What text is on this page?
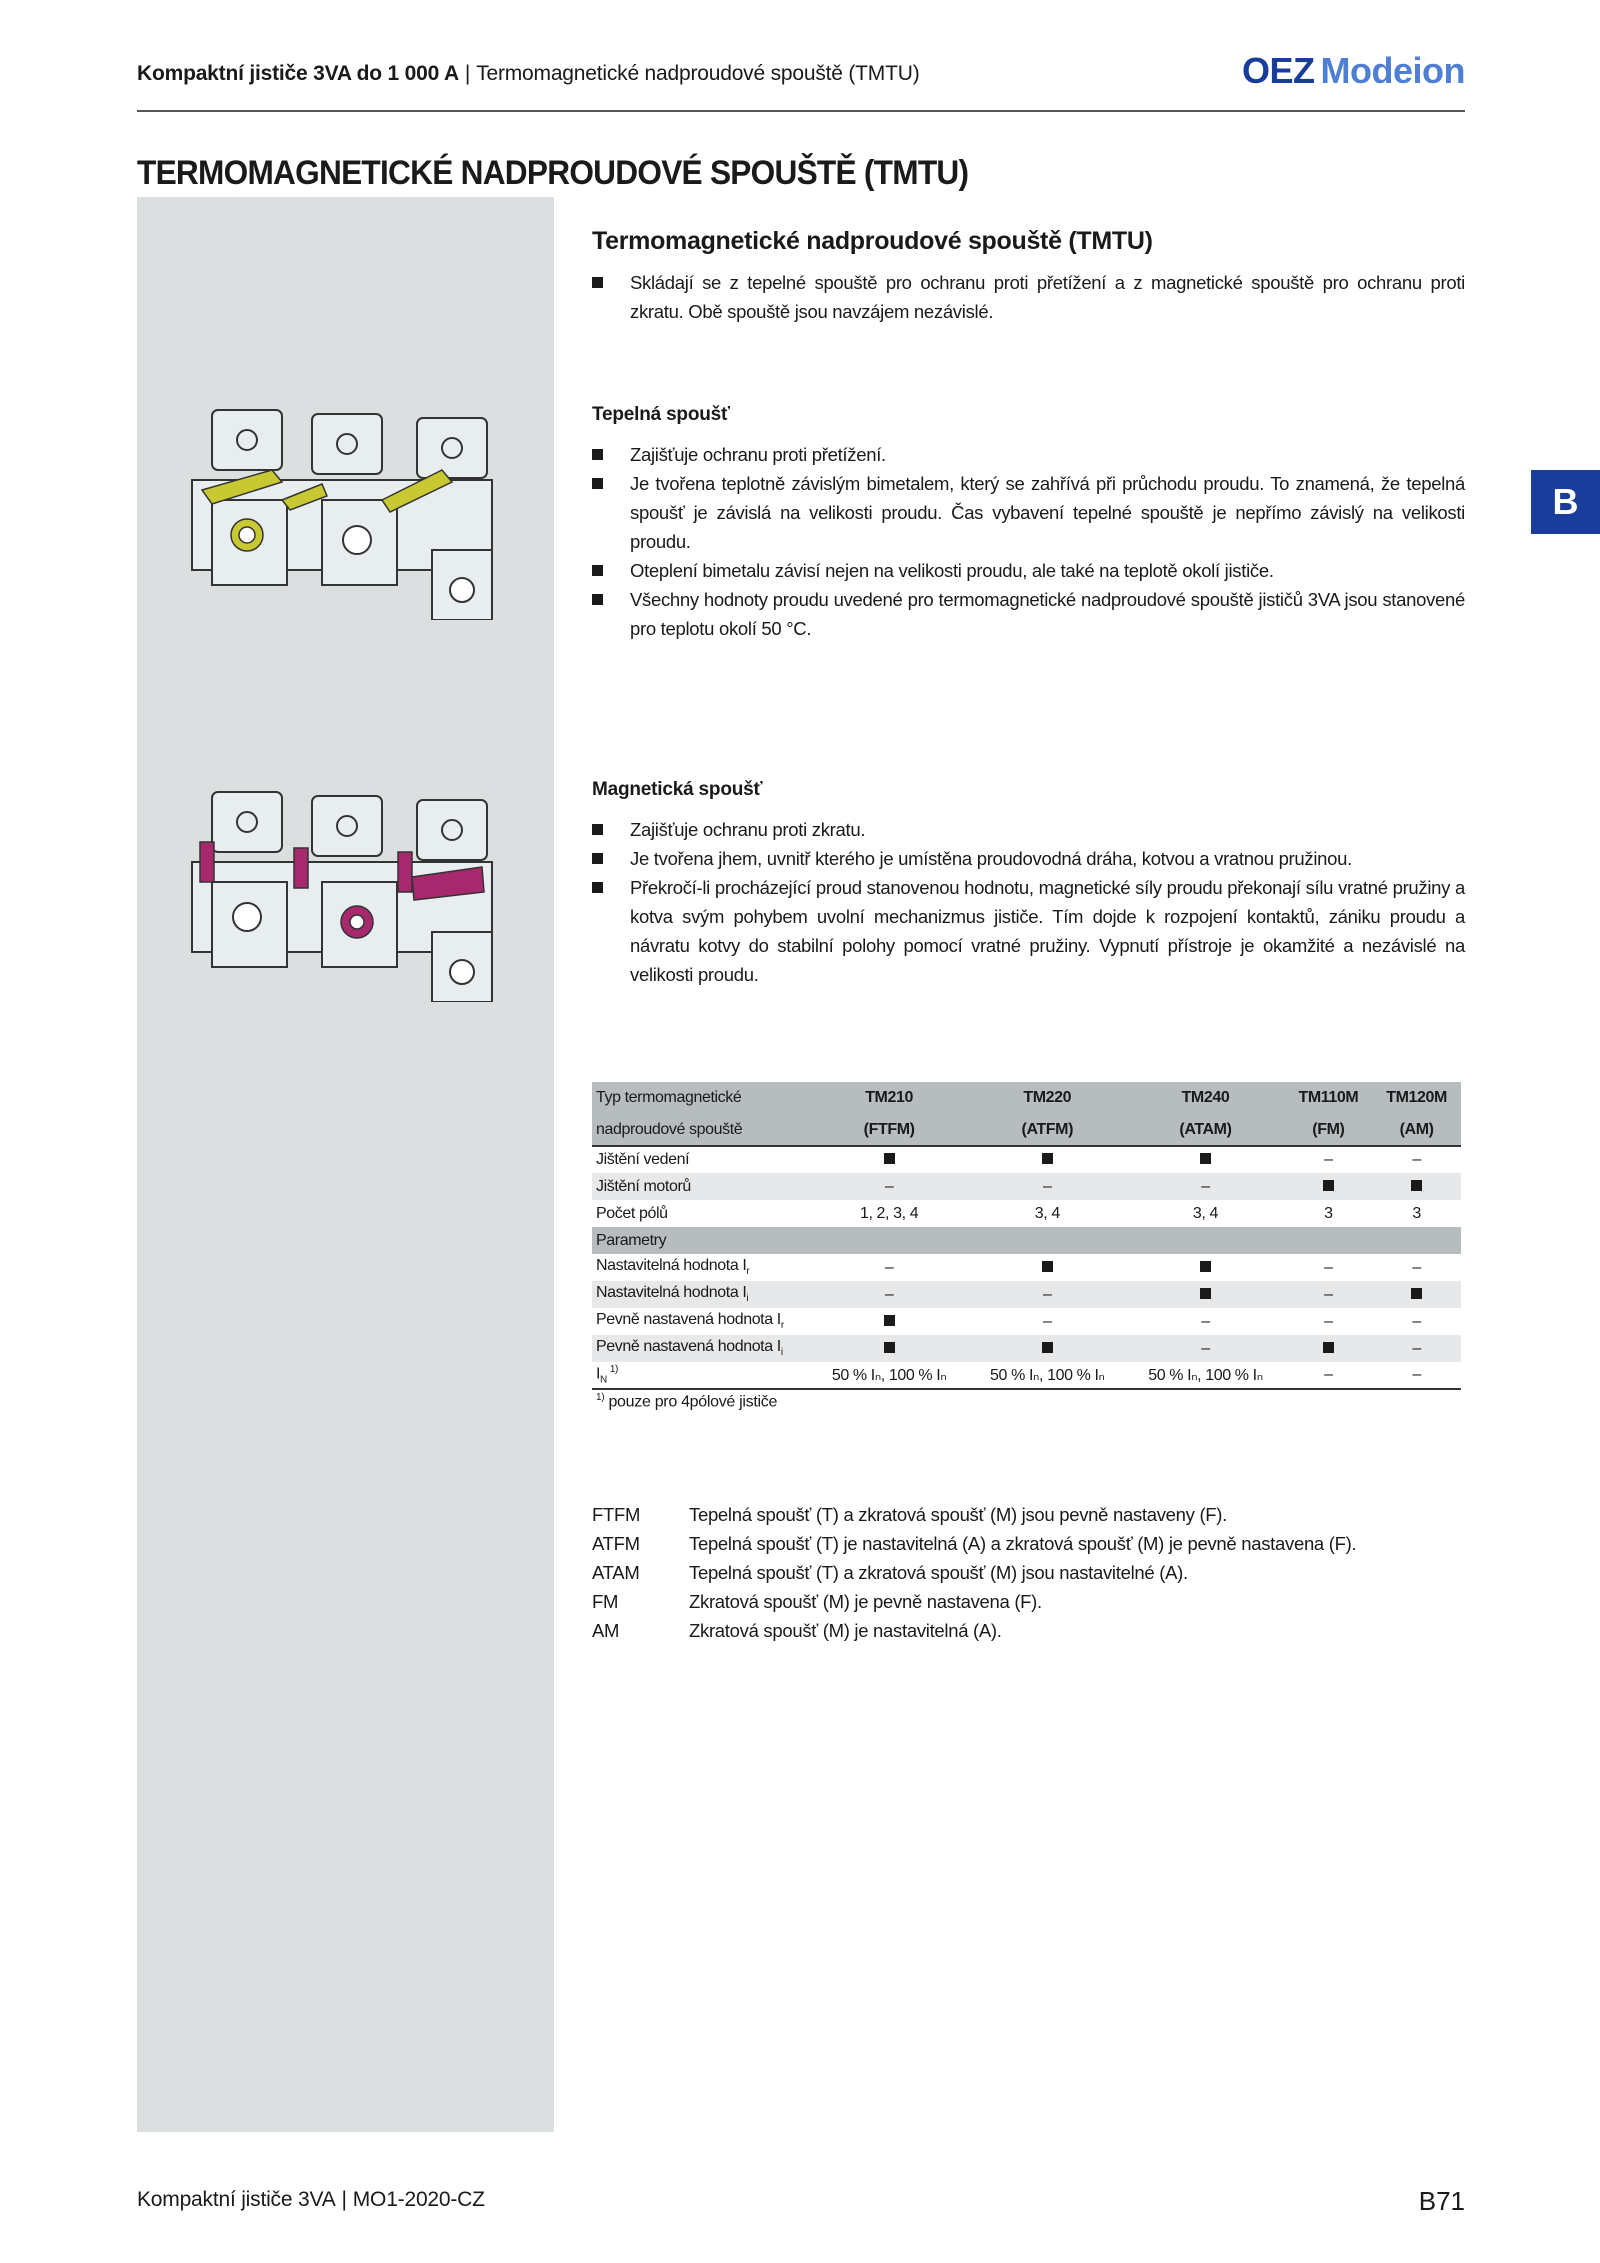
Kompaktní jističe 3VA do 1 000 A | Termomagnetické nadproudové spouště (TMTU)	OEZ Modeion
TERMOMAGNETICKÉ NADPROUDOVÉ SPOUŠTĚ (TMTU)
B
Termomagnetické nadproudové spouště (TMTU)
Skládají se z tepelné spouště pro ochranu proti přetížení a z magnetické spouště pro ochranu proti zkratu. Obě spouště jsou navzájem nezávislé.
Tepelná spoušť
Zajišťuje ochranu proti přetížení.
Je tvořena teplotně závislým bimetalem, který se zahřívá při průchodu proudu. To znamená, že tepelná spoušť je závislá na velikosti proudu. Čas vybavení tepelné spouště je nepřímo závislý na velikosti proudu.
Oteplení bimetalu závisí nejen na velikosti proudu, ale také na teplotě okolí jističe.
Všechny hodnoty proudu uvedené pro termomagnetické nadproudové spouště jističů 3VA jsou stanovené pro teplotu okolí 50 °C.
Magnetická spoušť
Zajišťuje ochranu proti zkratu.
Je tvořena jhem, uvnitř kterého je umístěna proudovodná dráha, kotvou a vratnou pružinou.
Překročí-li procházející proud stanovenou hodnotu, magnetické síly proudu překonají sílu vratné pružiny a kotva svým pohybem uvolní mechanizmus jističe. Tím dojde k rozpojení kontaktů, zániku proudu a návratu kotvy do stabilní polohy pomocí vratné pružiny. Vypnutí přístroje je okamžité a nezávislé na velikosti proudu.
Typ termomagnetické	TM210	TM220	TM240	TM110M	TM120M
nadproudové spouště	(FTFM)	(ATFM)	(ATAM)	(FM)	(AM)
Jištění vedení				–	–
Jištění motorů	–	–	–		
Počet pólů	1, 2, 3, 4	3, 4	3, 4	3	3
Parametry					
Nastavitelná hodnota $I_r$	–			–	–
Nastavitelná hodnota $I_i$	–	–		–	
Pevně nastavená hodnota $I_r$		–	–	–	–
Pevně nastavená hodnota $I_i$			–		–
$I_N^{1)}$	50 % Iₙ, 100 % Iₙ	50 % Iₙ, 100 % Iₙ	50 % Iₙ, 100 % Iₙ	–	–
$^{1)}$ pouze pro 4pólové jističe
FTFM	Tepelná spoušť (T) a zkratová spoušť (M) jsou pevně nastaveny (F).
ATFM	Tepelná spoušť (T) je nastavitelná (A) a zkratová spoušť (M) je pevně nastavena (F).
ATAM	Tepelná spoušť (T) a zkratová spoušť (M) jsou nastavitelné (A).
FM	Zkratová spoušť (M) je pevně nastavena (F).
AM	Zkratová spoušť (M) je nastavitelná (A).
Kompaktní jističe 3VA | MO1-2020-CZ	B71
